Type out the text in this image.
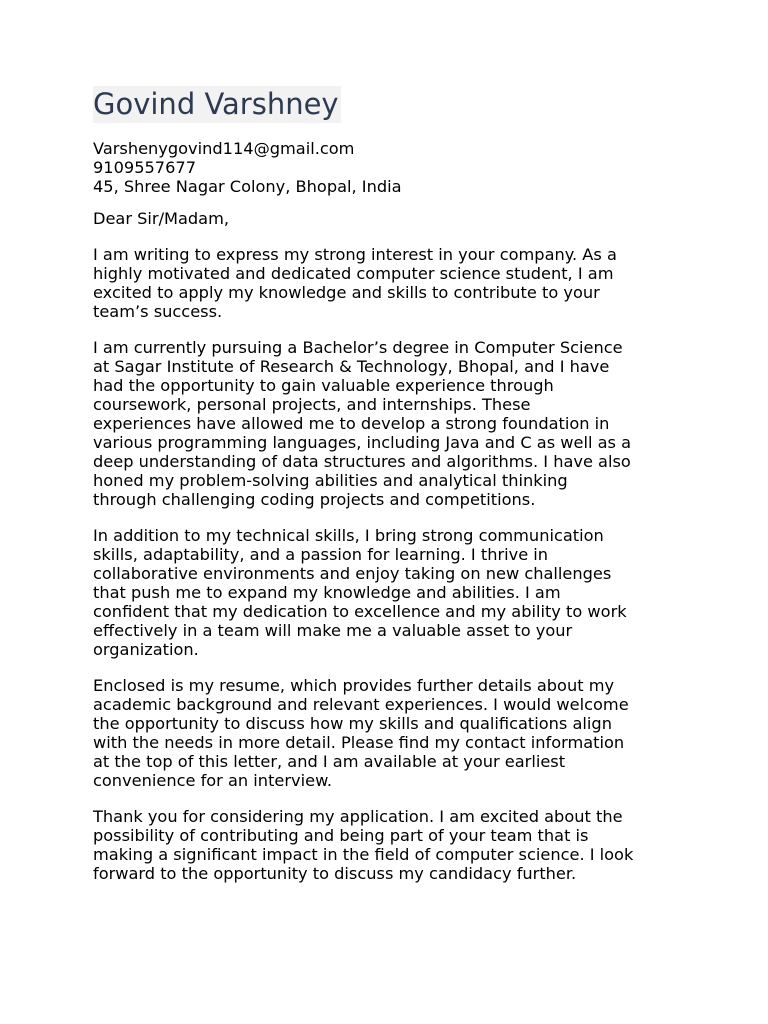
Govind Varshney
Varshenygovind114@gmail.com
9109557677
45, Shree Nagar Colony, Bhopal, India
Dear Sir/Madam,

I am writing to express my strong interest in your company. As a
highly motivated and dedicated computer science student, I am
excited to apply my knowledge and skills to contribute to your
team’s success.

I am currently pursuing a Bachelor’s degree in Computer Science
at Sagar Institute of Research & Technology, Bhopal, and I have
had the opportunity to gain valuable experience through
coursework, personal projects, and internships. These
experiences have allowed me to develop a strong foundation in
various programming languages, including Java and C as well as a
deep understanding of data structures and algorithms. I have also
honed my problem-solving abilities and analytical thinking
through challenging coding projects and competitions.

In addition to my technical skills, I bring strong communication
skills, adaptability, and a passion for learning. I thrive in
collaborative environments and enjoy taking on new challenges
that push me to expand my knowledge and abilities. I am
confident that my dedication to excellence and my ability to work
effectively in a team will make me a valuable asset to your
organization.

Enclosed is my resume, which provides further details about my
academic background and relevant experiences. I would welcome
the opportunity to discuss how my skills and qualifications align
with the needs in more detail. Please find my contact information
at the top of this letter, and I am available at your earliest
convenience for an interview.

Thank you for considering my application. I am excited about the
possibility of contributing and being part of your team that is
making a significant impact in the field of computer science. I look
forward to the opportunity to discuss my candidacy further.
